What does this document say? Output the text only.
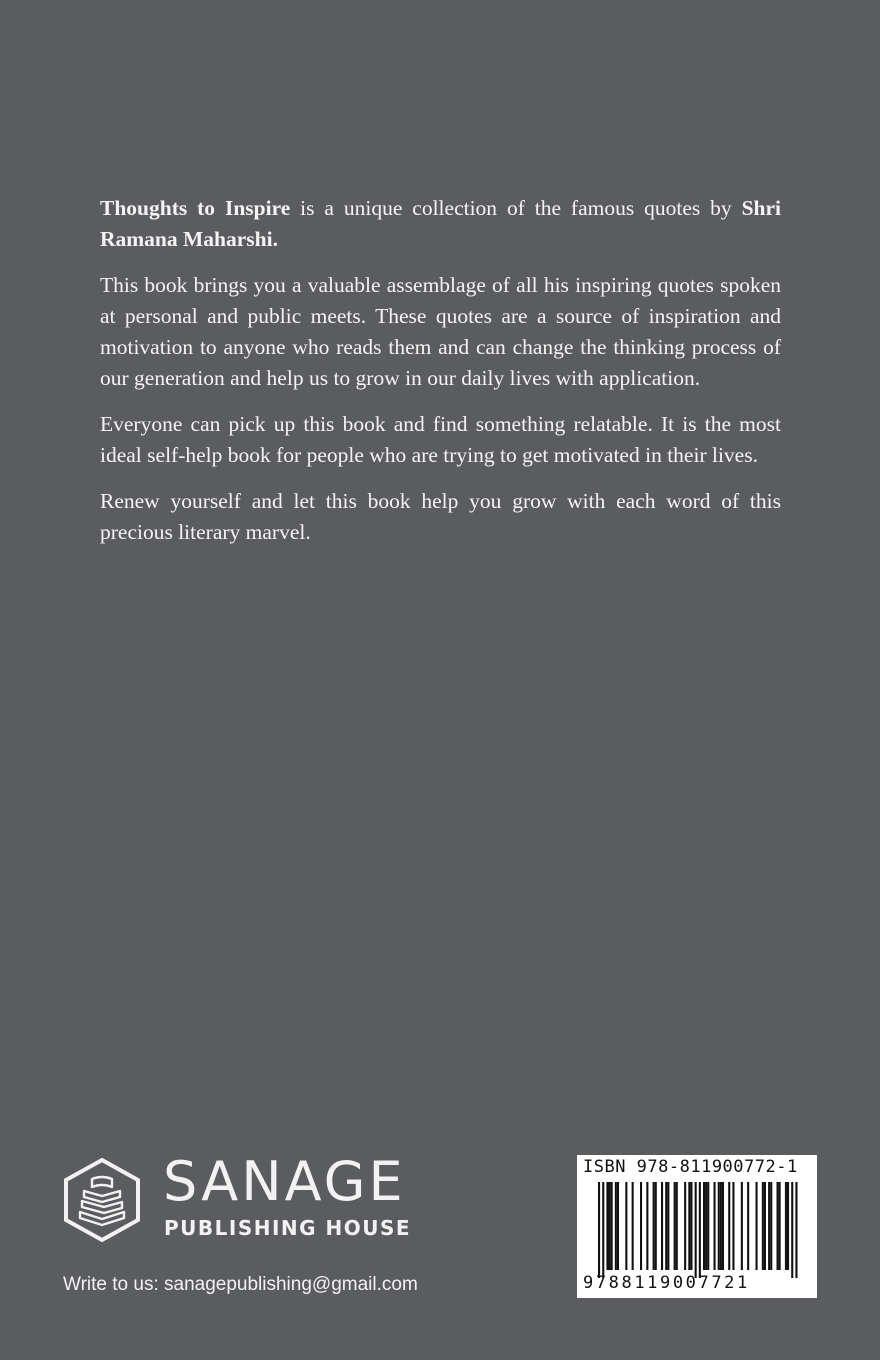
Thoughts to Inspire is a unique collection of the famous quotes by Shri Ramana Maharshi.

This book brings you a valuable assemblage of all his inspiring quotes spoken at personal and public meets. These quotes are a source of inspiration and motivation to anyone who reads them and can change the thinking process of our generation and help us to grow in our daily lives with application.

Everyone can pick up this book and find something relatable. It is the most ideal self-help book for people who are trying to get motivated in their lives.

Renew yourself and let this book help you grow with each word of this precious literary marvel.

SANAGE
PUBLISHING HOUSE
Write to us: sanagepublishing@gmail.com
ISBN 978-811900772-1
9788119007721
